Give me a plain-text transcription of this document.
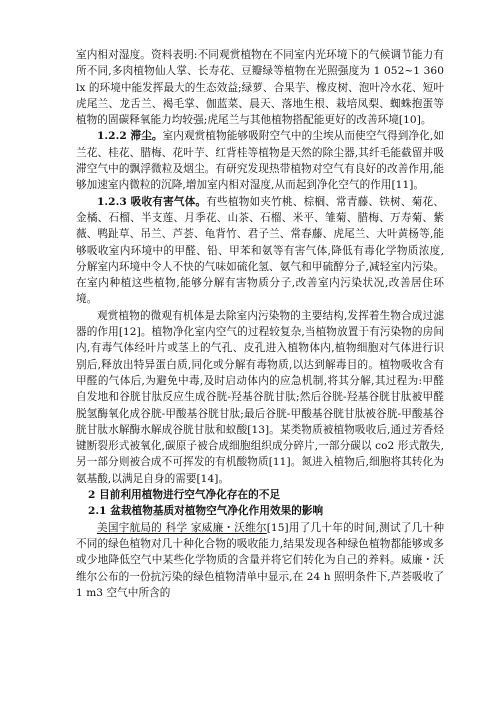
室内相对湿度。资料表明:不同观赏植物在不同室内光环境下的气候调节能力有所不同,多肉植物仙人掌、长寿花、豆瓣绿等植物在光照强度为 1 052~1 360 lx 的环境中能发挥最大的生态效益;绿萝、合果芋、橡皮树、泡叶冷水花、短叶虎尾兰、龙舌兰、褐毛掌、伽蓝菜、晨天、落地生根、栽培凤梨、蜘蛛抱蛋等植物的固碳释氧能力均较强;虎尾兰与其他植物搭配能更好的改善环境[10]。

1.2.2 滞尘。室内观赏植物能够吸附空气中的尘埃从而使空气得到净化,如兰花、桂花、腊梅、花叶芋、红背桂等植物是天然的除尘器,其纤毛能截留并吸滞空气中的飘浮微粒及烟尘。有研究发现热带植物对空气有良好的改善作用,能够加速室内微粒的沉降,增加室内相对湿度,从而起到净化空气的作用[11]。

1.2.3 吸收有害气体。有些植物如夹竹桃、棕榈、常青藤、铁树、菊花、金橘、石榴、半支莲、月季花、山茶、石榴、米平、雏菊、腊梅、万寿菊、紫薇、鸭趾草、吊兰、芦荟、龟背竹、君子兰、常春藤、虎尾兰、大叶黄杨等,能够吸收室内环境中的甲醛、铅、甲苯和氨等有害气体,降低有毒化学物质浓度,分解室内环境中令人不快的气味如硫化氢、氨气和甲硫醇分子,减轻室内污染。在室内种植这些植物,能够分解有害物质分子,改善室内污染状况,改善居住环境。

观赏植物的微观有机体是去除室内污染物的主要结构,发挥着生物合成过滤器的作用[12]。植物净化室内空气的过程较复杂,当植物放置于有污染物的房间内,有毒气体经叶片或茎上的气孔、皮孔进入植物体内,植物细胞对气体进行识别后,释放出特异蛋白质,同化或分解有毒物质,以达到解毒目的。植物吸收含有甲醛的气体后,为避免中毒,及时启动体内的应急机制,将其分解,其过程为:甲醛自发地和谷胱甘肽反应生成谷胱-羟基谷胱甘肽;然后谷胱-羟基谷胱甘肽被甲醛脱氢酶氧化成谷胱-甲酸基谷胱甘肽;最后谷胱-甲酸基谷胱甘肽被谷胱-甲酸基谷胱甘肽水解酶水解成谷胱甘肽和蚁酸[13]。某类物质被植物吸收后,通过芳香烃键断裂形式被氧化,碳原子被合成细胞组织成分碎片,一部分碳以 co2 形式散失,另一部分则被合成不可挥发的有机酸物质[11]。氮进入植物后,细胞将其转化为氨基酸,以满足自身的需要[14]。

2 目前利用植物进行空气净化存在的不足

2.1 盆栽植物基质对植物空气净化作用效果的影响

美国宇航局的 科学 家威廉・沃维尔[15]用了几十年的时间,测试了几十种不同的绿色植物对几十种化合物的吸收能力,结果发现各种绿色植物都能够或多或少地降低空气中某些化学物质的含量并将它们转化为自己的养料。威廉・沃维尔公布的一份抗污染的绿色植物清单中显示,在 24 h 照明条件下,芦荟吸收了 1 m3 空气中所含的
